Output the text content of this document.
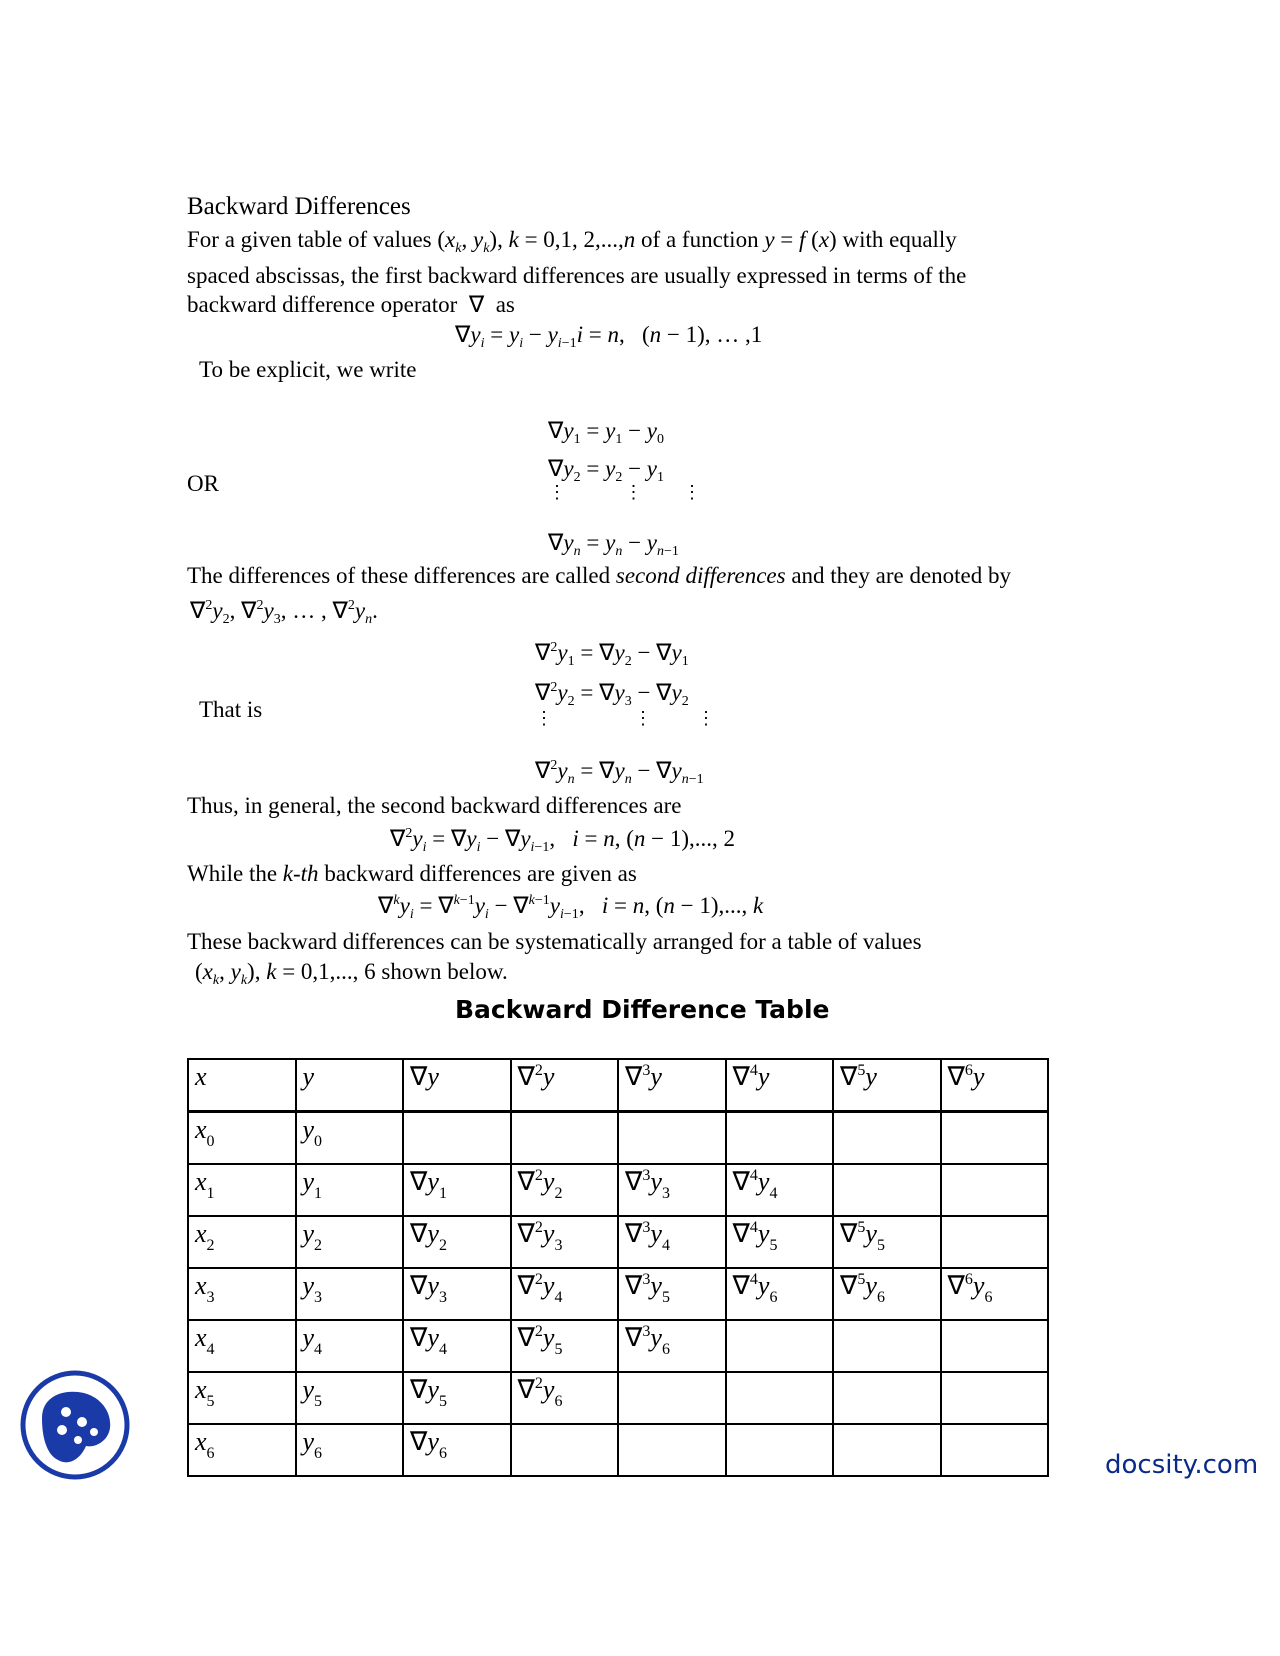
Backward Differences
For a given table of values ($x_k$, $y_k$), k = 0,1, 2,...,n of a function y = f (x) with equally
spaced abscissas, the first backward differences are usually expressed in terms of the
backward difference operator  ∇  as
$\nabla y_i = y_i - y_{i-1}i = n$,   (n − 1), … ,1
To be explicit, we write
$\nabla y_1 = y_1 - y_0$
$\nabla y_2 = y_2 - y_1$
⋮             ⋮         ⋮
$\nabla y_n = y_n - y_{n-1}$
OR
The differences of these differences are called second differences and they are denoted by
$\nabla^2y_2$, $\nabla^2y_3$, … , $\nabla^2y_n$.
$\nabla^2y_1 = \nabla y_2 - \nabla y_1$
$\nabla^2y_2 = \nabla y_3 - \nabla y_2$
⋮                  ⋮          ⋮
$\nabla^2y_n = \nabla y_n - \nabla y_{n-1}$
That is
Thus, in general, the second backward differences are
$\nabla^2y_i = \nabla y_i - \nabla y_{i-1}$,   i = n, (n − 1),..., 2
While the k-th backward differences are given as
$\nabla^ky_i = \nabla^{k-1}y_i - \nabla^{k-1}y_{i-1}$,   i = n, (n − 1),..., k
These backward differences can be systematically arranged for a table of values
($x_k$, $y_k$), k = 0,1,..., 6 shown below.
Backward Difference Table
x	y	∇y	∇$^2$y	∇$^3$y	∇$^4$y	∇$^5$y	∇$^6$y
$x_0$	$y_0$						
$x_1$	$y_1$	$\nabla y_1$	$\nabla^2y_2$	$\nabla^3y_3$	$\nabla^4y_4$		
$x_2$	$y_2$	$\nabla y_2$	$\nabla^2y_3$	$\nabla^3y_4$	$\nabla^4y_5$	$\nabla^5y_5$	
$x_3$	$y_3$	$\nabla y_3$	$\nabla^2y_4$	$\nabla^3y_5$	$\nabla^4y_6$	$\nabla^5y_6$	$\nabla^6y_6$
$x_4$	$y_4$	$\nabla y_4$	$\nabla^2y_5$	$\nabla^3y_6$			
$x_5$	$y_5$	$\nabla y_5$	$\nabla^2y_6$				
$x_6$	$y_6$	$\nabla y_6$						docsity.com
